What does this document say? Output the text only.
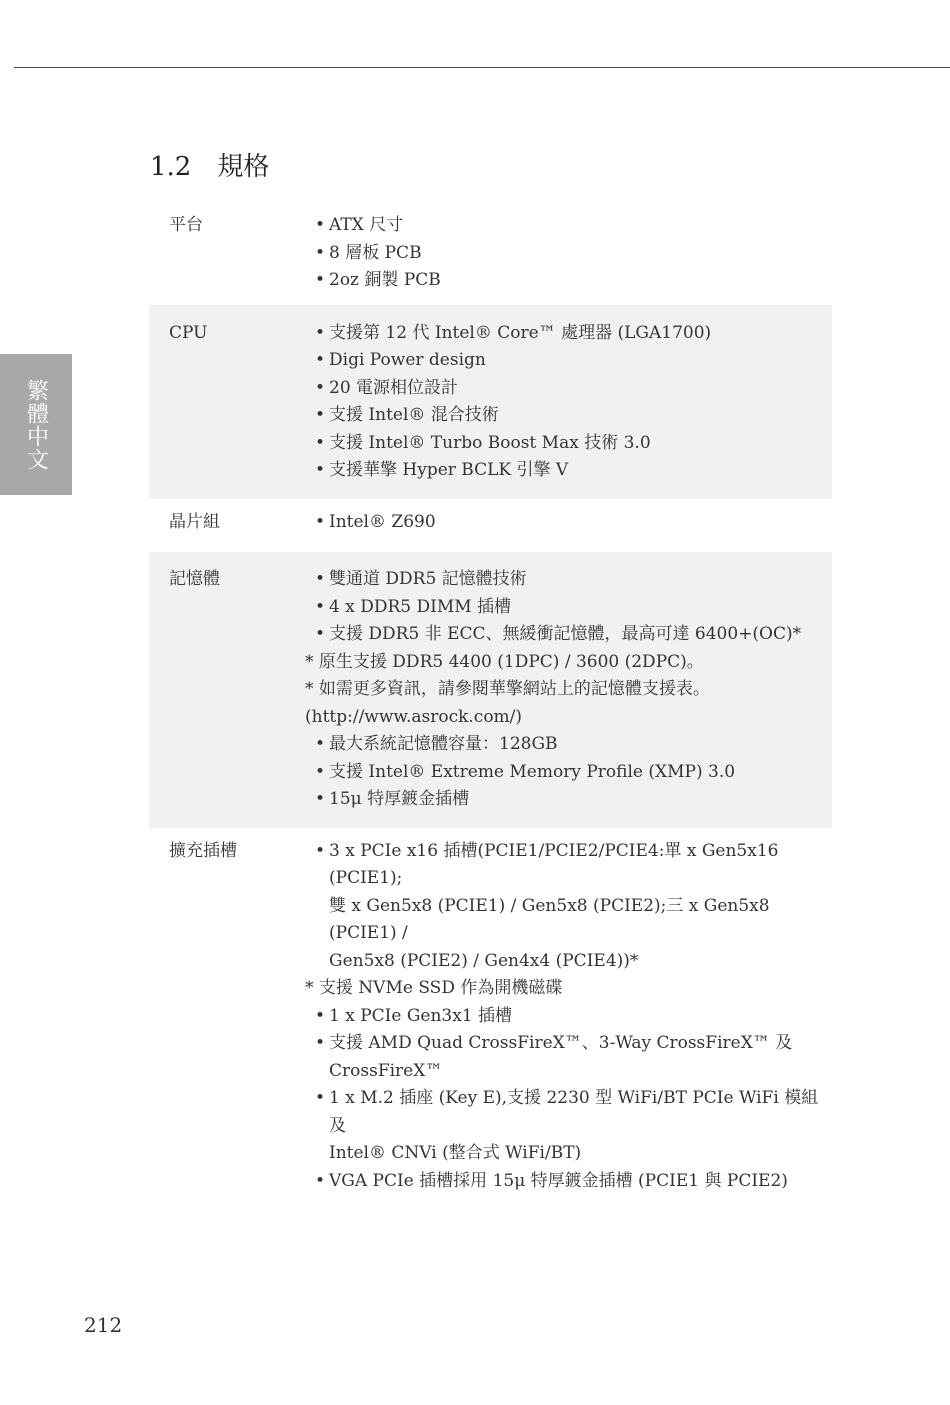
繁體中文
1.2 規格
平台	• ATX 尺寸
• 8 層板 PCB
• 2oz 銅製 PCB
CPU	• 支援第 12 代 Intel® Core™ 處理器 (LGA1700)
• Digi Power design
• 20 電源相位設計
• 支援 Intel® 混合技術
• 支援 Intel® Turbo Boost Max 技術 3.0
• 支援華擎 Hyper BCLK 引擎 V
晶片組	• Intel® Z690
記憶體	• 雙通道 DDR5 記憶體技術
• 4 x DDR5 DIMM 插槽
• 支援 DDR5 非 ECC、無緩衝記憶體，最高可達 6400+(OC)*
* 原生支援 DDR5 4400 (1DPC) / 3600 (2DPC)。
* 如需更多資訊，請參閱華擎網站上的記憶體支援表。
(http://www.asrock.com/)
• 最大系統記憶體容量：128GB
• 支援 Intel® Extreme Memory Profile (XMP) 3.0
• 15μ 特厚鍍金插槽
擴充插槽	• 3 x PCIe x16 插槽(PCIE1/PCIE2/PCIE4:單 x Gen5x16 (PCIE1);
雙 x Gen5x8 (PCIE1) / Gen5x8 (PCIE2);三 x Gen5x8 (PCIE1) /
Gen5x8 (PCIE2) / Gen4x4 (PCIE4))*
* 支援 NVMe SSD 作為開機磁碟
• 1 x PCIe Gen3x1 插槽
• 支援 AMD Quad CrossFireX™、3-Way CrossFireX™ 及
CrossFireX™
• 1 x M.2 插座 (Key E),支援 2230 型 WiFi/BT PCIe WiFi 模組及
Intel® CNVi (整合式 WiFi/BT)
• VGA PCIe 插槽採用 15μ 特厚鍍金插槽 (PCIE1 與 PCIE2)
212
